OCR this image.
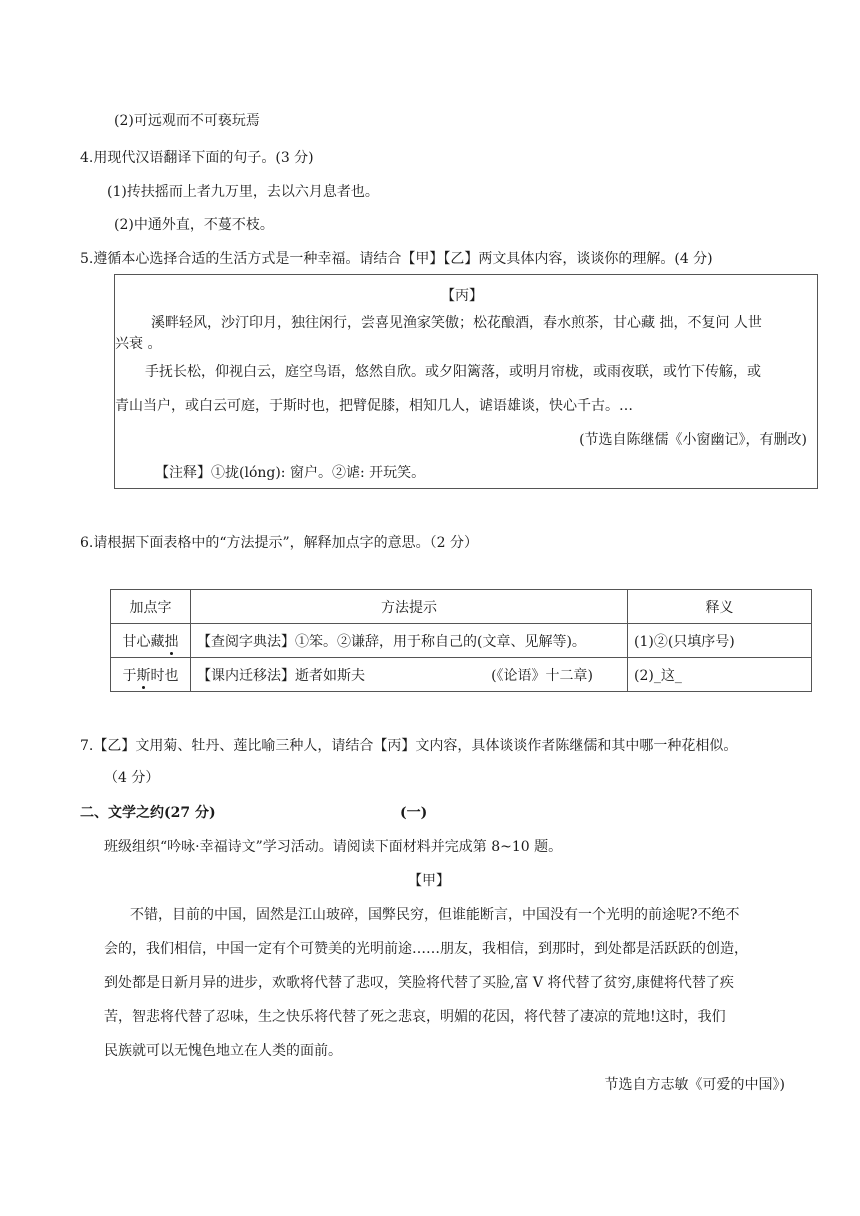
(2)可远观而不可亵玩焉
4.用现代汉语翻译下面的句子。(3 分)
(1)抟扶摇而上者九万里，去以六月息者也。
(2)中通外直，不蔓不枝。
5.遵循本心选择合适的生活方式是一种幸福。请结合【甲】【乙】两文具体内容，谈谈你的理解。(4 分)
【丙】
溪畔轻风，沙汀印月，独往闲行，尝喜见渔家笑傲；松花酿酒，春水煎茶，甘心藏 拙，不复问 人世
兴衰 。
手抚长松，仰视白云，庭空鸟语，悠然自欣。或夕阳篱落，或明月帘栊，或雨夜联，或竹下传觞，或
青山当户，或白云可庭，于斯时也，把臂促膝，相知几人，谑语雄谈，快心千古。…
(节选自陈继儒《小窗幽记》，有删改)
【注释】①拢(lóng): 窗户。②谑: 开玩笑。
6.请根据下面表格中的“方法提示”，解释加点字的意思。（2 分）
加点字	方法提示	释义
甘心藏拙	【查阅字典法】①笨。②谦辞，用于称自己的(文章、见解等)。	(1)②(只填序号)
于斯时也	【课内迁移法】逝者如斯夫 (《论语》十二章)	(2)_这_
7.【乙】文用菊、牡丹、莲比喻三种人，请结合【丙】文内容，具体谈谈作者陈继儒和其中哪一种花相似。
（4 分）
二、文学之约(27 分)	(一)
班级组织“吟咏·幸福诗文”学习活动。请阅读下面材料并完成第 8~10 题。
【甲】
不错，目前的中国，固然是江山玻碎，国弊民穷，但谁能断言，中国没有一个光明的前途呢?不绝不
会的，我们相信，中国一定有个可赞美的光明前途……朋友，我相信，到那时，到处都是活跃跃的创造，
到处都是日新月异的进步，欢歌将代替了悲叹，笑脸将代替了买脸,富 V 将代替了贫穷,康健将代替了疾
苦，智悲将代替了忍味，生之快乐将代替了死之悲哀，明媚的花因，将代替了凄凉的荒地!这时，我们
民族就可以无愧色地立在人类的面前。
节选自方志敏《可爱的中国》)
